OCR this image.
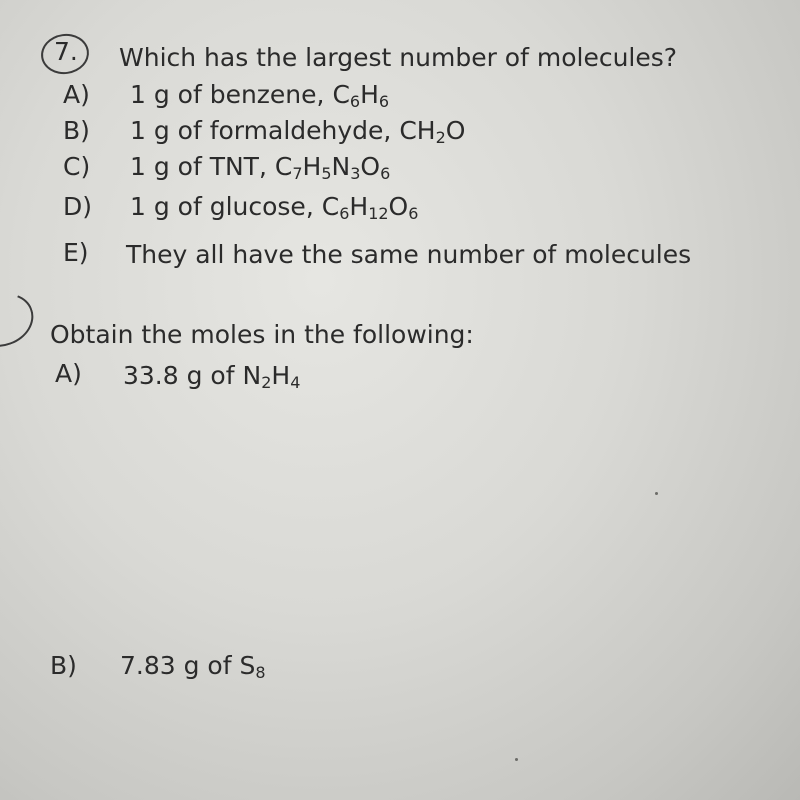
7. Which has the largest number of molecules?
A) 1 g of benzene, $C_6H_6$
B) 1 g of formaldehyde, $CH_2O$
C) 1 g of TNT, $C_7H_5N_3O_6$
D) 1 g of glucose, $C_6H_{12}O_6$
E) They all have the same number of molecules
Obtain the moles in the following:
A) 33.8 g of $N_2H_4$
B) 7.83 g of $S_8$
